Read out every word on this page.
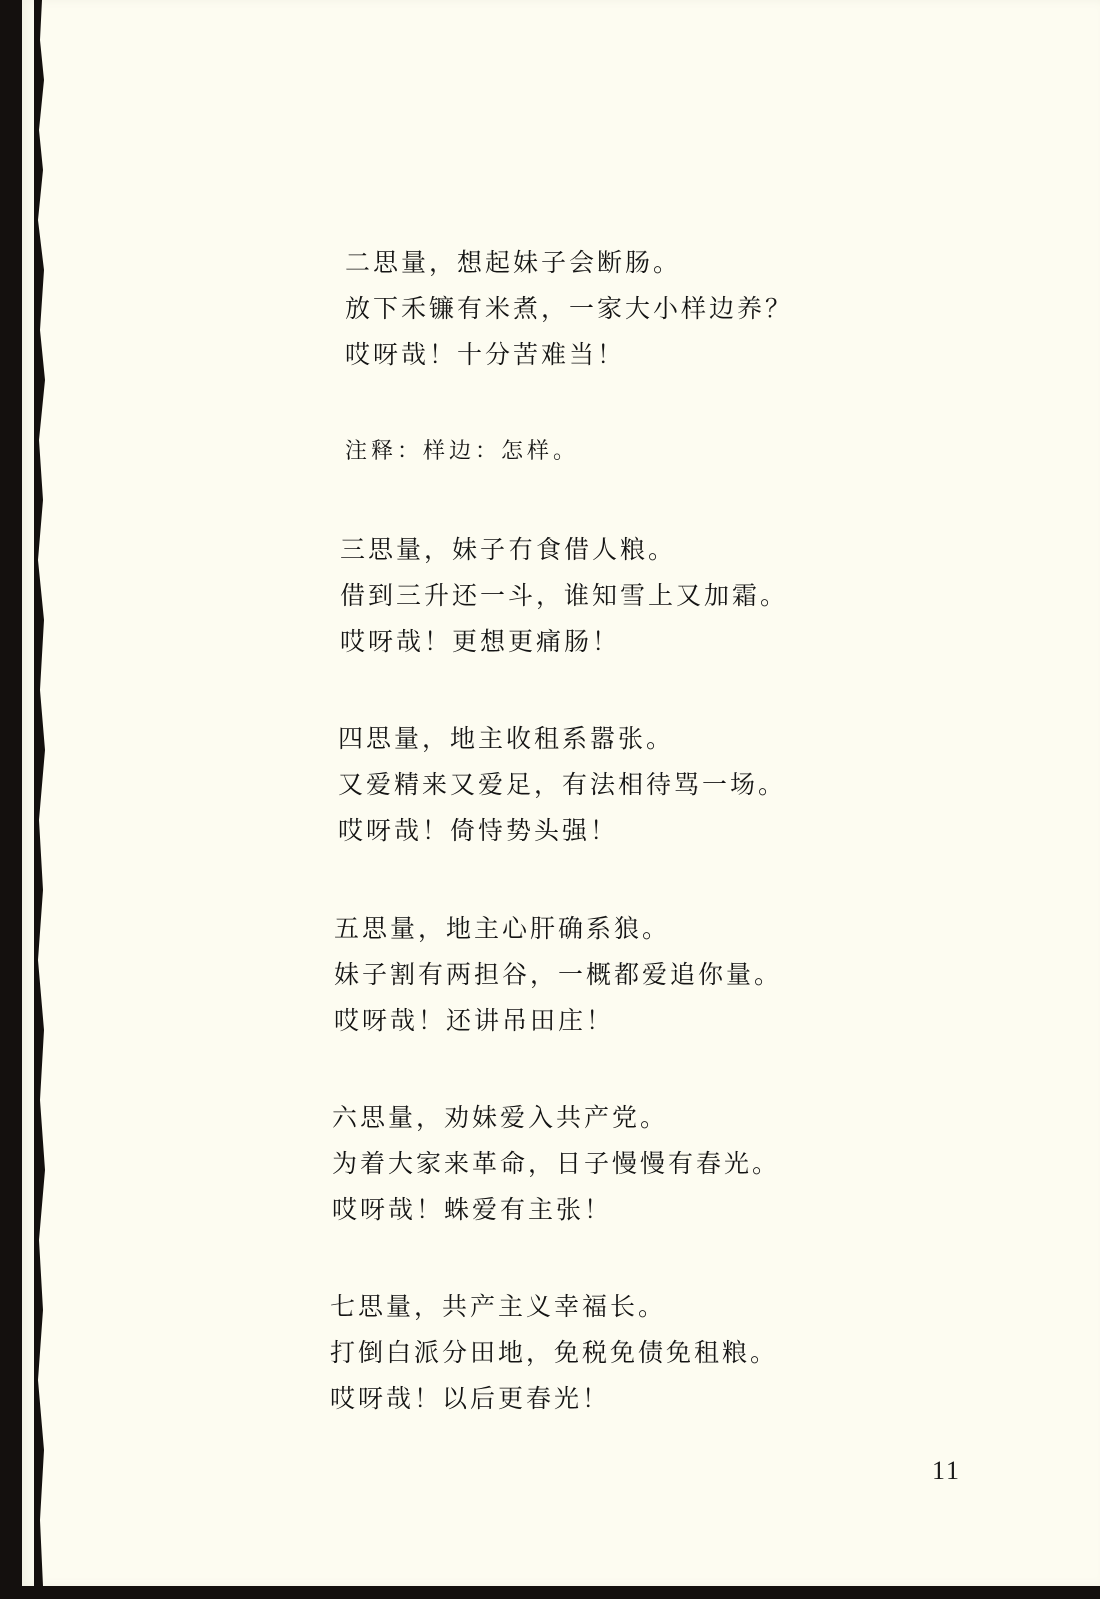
二思量，想起妹子会断肠。
放下禾镰有米煮，一家大小样边养？
哎呀哉！十分苦难当！
注释：样边：怎样。
三思量，妹子冇食借人粮。
借到三升还一斗，谁知雪上又加霜。
哎呀哉！更想更痛肠！
四思量，地主收租系嚣张。
又爱精来又爱足，有法相待骂一场。
哎呀哉！倚恃势头强！
五思量，地主心肝确系狼。
妹子割有两担谷，一概都爱追你量。
哎呀哉！还讲吊田庄！
六思量，劝妹爱入共产党。
为着大家来革命，日子慢慢有春光。
哎呀哉！蛛爱有主张！
七思量，共产主义幸福长。
打倒白派分田地，免税免债免租粮。
哎呀哉！以后更春光！
11
